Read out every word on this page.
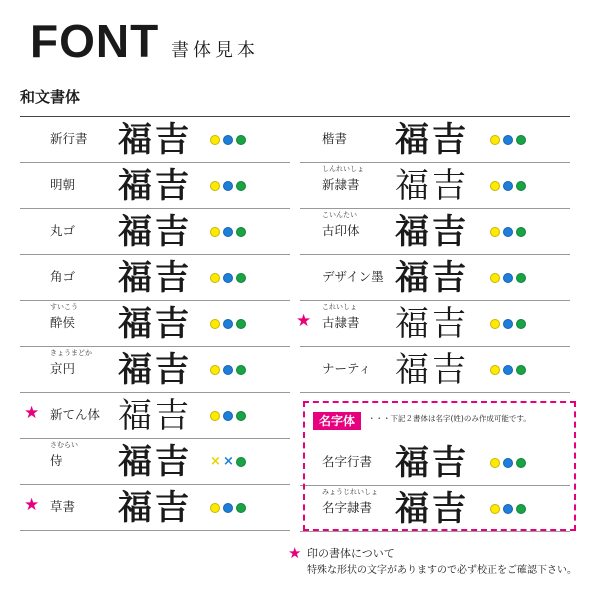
FONT 書体見本
和文書体
新行書 福吉
明朝 福吉
丸ゴ 福吉
角ゴ 福吉
すいこう
酔侯 福吉
きょうまどか
京円 福吉
★ 新てん体 福吉
さむらい
侍 福吉 × ×
★ 草書 福吉
楷書 福吉
しんれいしょ
新隷書 福吉
こいんたい
古印体 福吉
デザイン墨 福吉
★
これいしょ
古隷書 福吉
ナーティ 福吉
名字行書 福吉
みょうじれいしょ
名字隷書 福吉
名字体	・・・下記２書体は名字(姓)のみ作成可能です。
★ 印の書体について
特殊な形状の文字がありますので必ず校正をご確認下さい。
